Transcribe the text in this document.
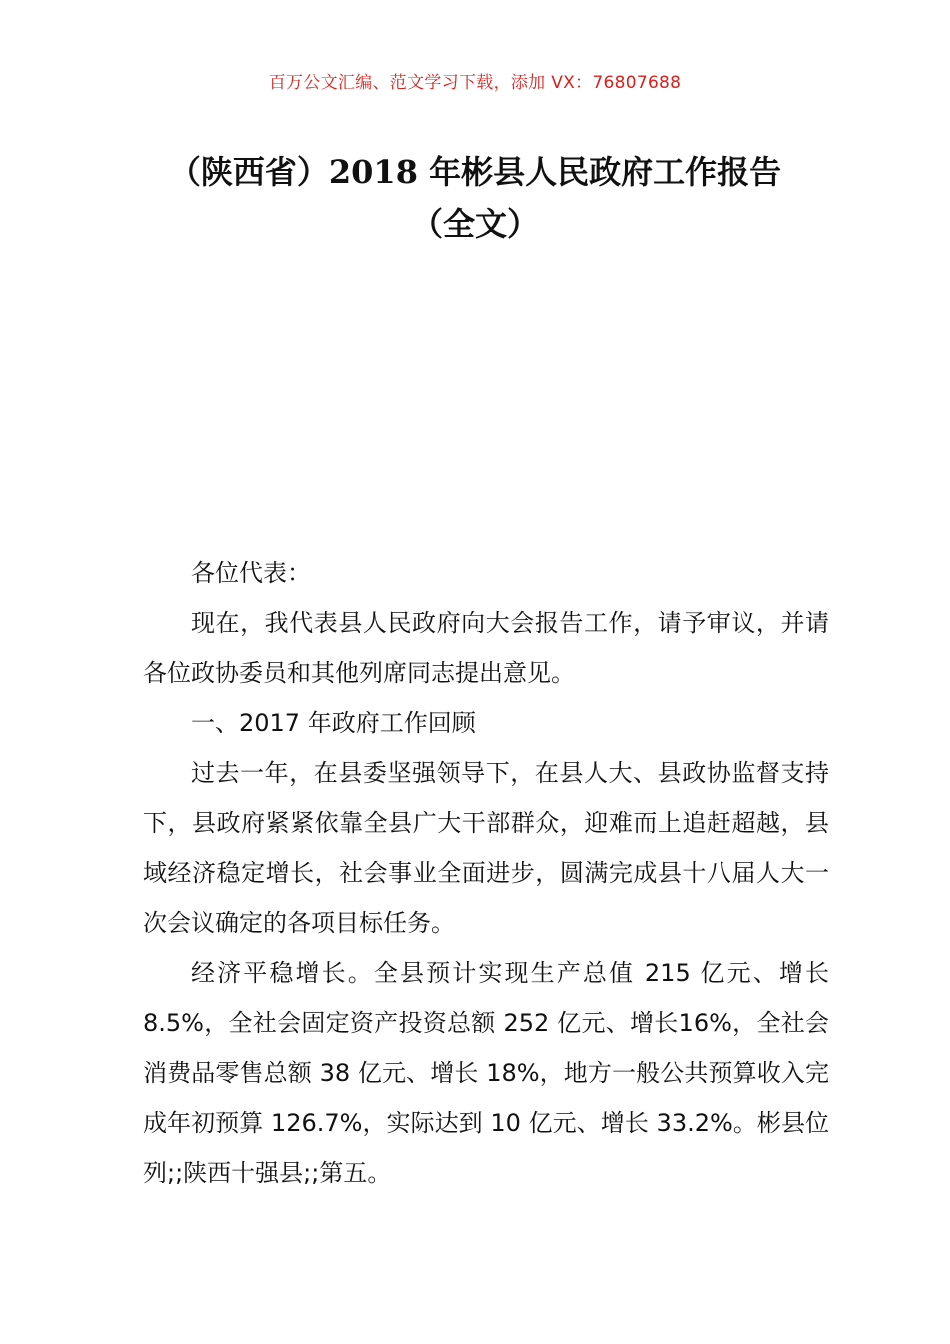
百万公文汇编、范文学习下载，添加 VX：76807688
（陕西省）2018 年彬县人民政府工作报告
（全文）

各位代表：

现在，我代表县人民政府向大会报告工作，请予审议，并请各位政协委员和其他列席同志提出意见。

一、2017 年政府工作回顾

过去一年，在县委坚强领导下，在县人大、县政协监督支持下，县政府紧紧依靠全县广大干部群众，迎难而上追赶超越，县域经济稳定增长，社会事业全面进步，圆满完成县十八届人大一次会议确定的各项目标任务。

经济平稳增长。全县预计实现生产总值 215 亿元、增长 8.5%，全社会固定资产投资总额 252 亿元、增长16%，全社会消费品零售总额 38 亿元、增长 18%，地方一般公共预算收入完成年初预算 126.7%，实际达到 10 亿元、增长 33.2%。彬县位列;;陕西十强县;;第五。
